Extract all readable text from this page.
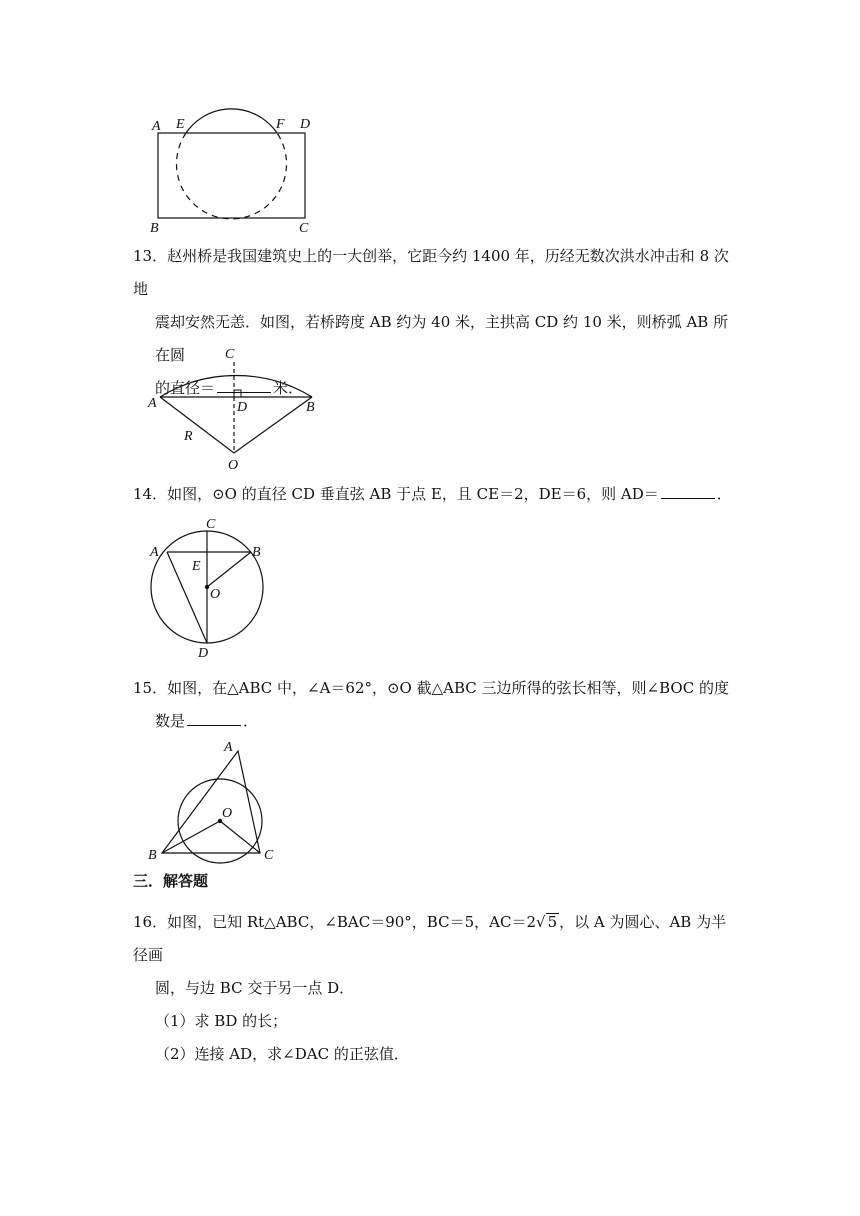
A E	F D
B	C

13．赵州桥是我国建筑史上的一大创举，它距今约 1400 年，历经无数次洪水冲击和 8 次地

震却安然无恙．如图，若桥跨度 AB 约为 40 米，主拱高 CD 约 10 米，则桥弧 AB 所在圆

的直径＝	米．

C
A	D	B
R
O

14．如图，⊙O 的直径 CD 垂直弦 AB 于点 E，且 CE＝2，DE＝6，则 AD＝	．

C
A	B
E
O
D

15．如图，在△ABC 中，∠A＝62°，⊙O 截△ABC 三边所得的弦长相等，则∠BOC 的度

数是	．

A
O
B	C
三．解答题

16．如图，已知 Rt△ABC，∠BAC＝90°，BC＝5，AC＝2√ 5 ，以 A 为圆心、AB 为半径画

圆，与边 BC 交于另一点 D．

（1）求 BD 的长；

（2）连接 AD，求∠DAC 的正弦值．
